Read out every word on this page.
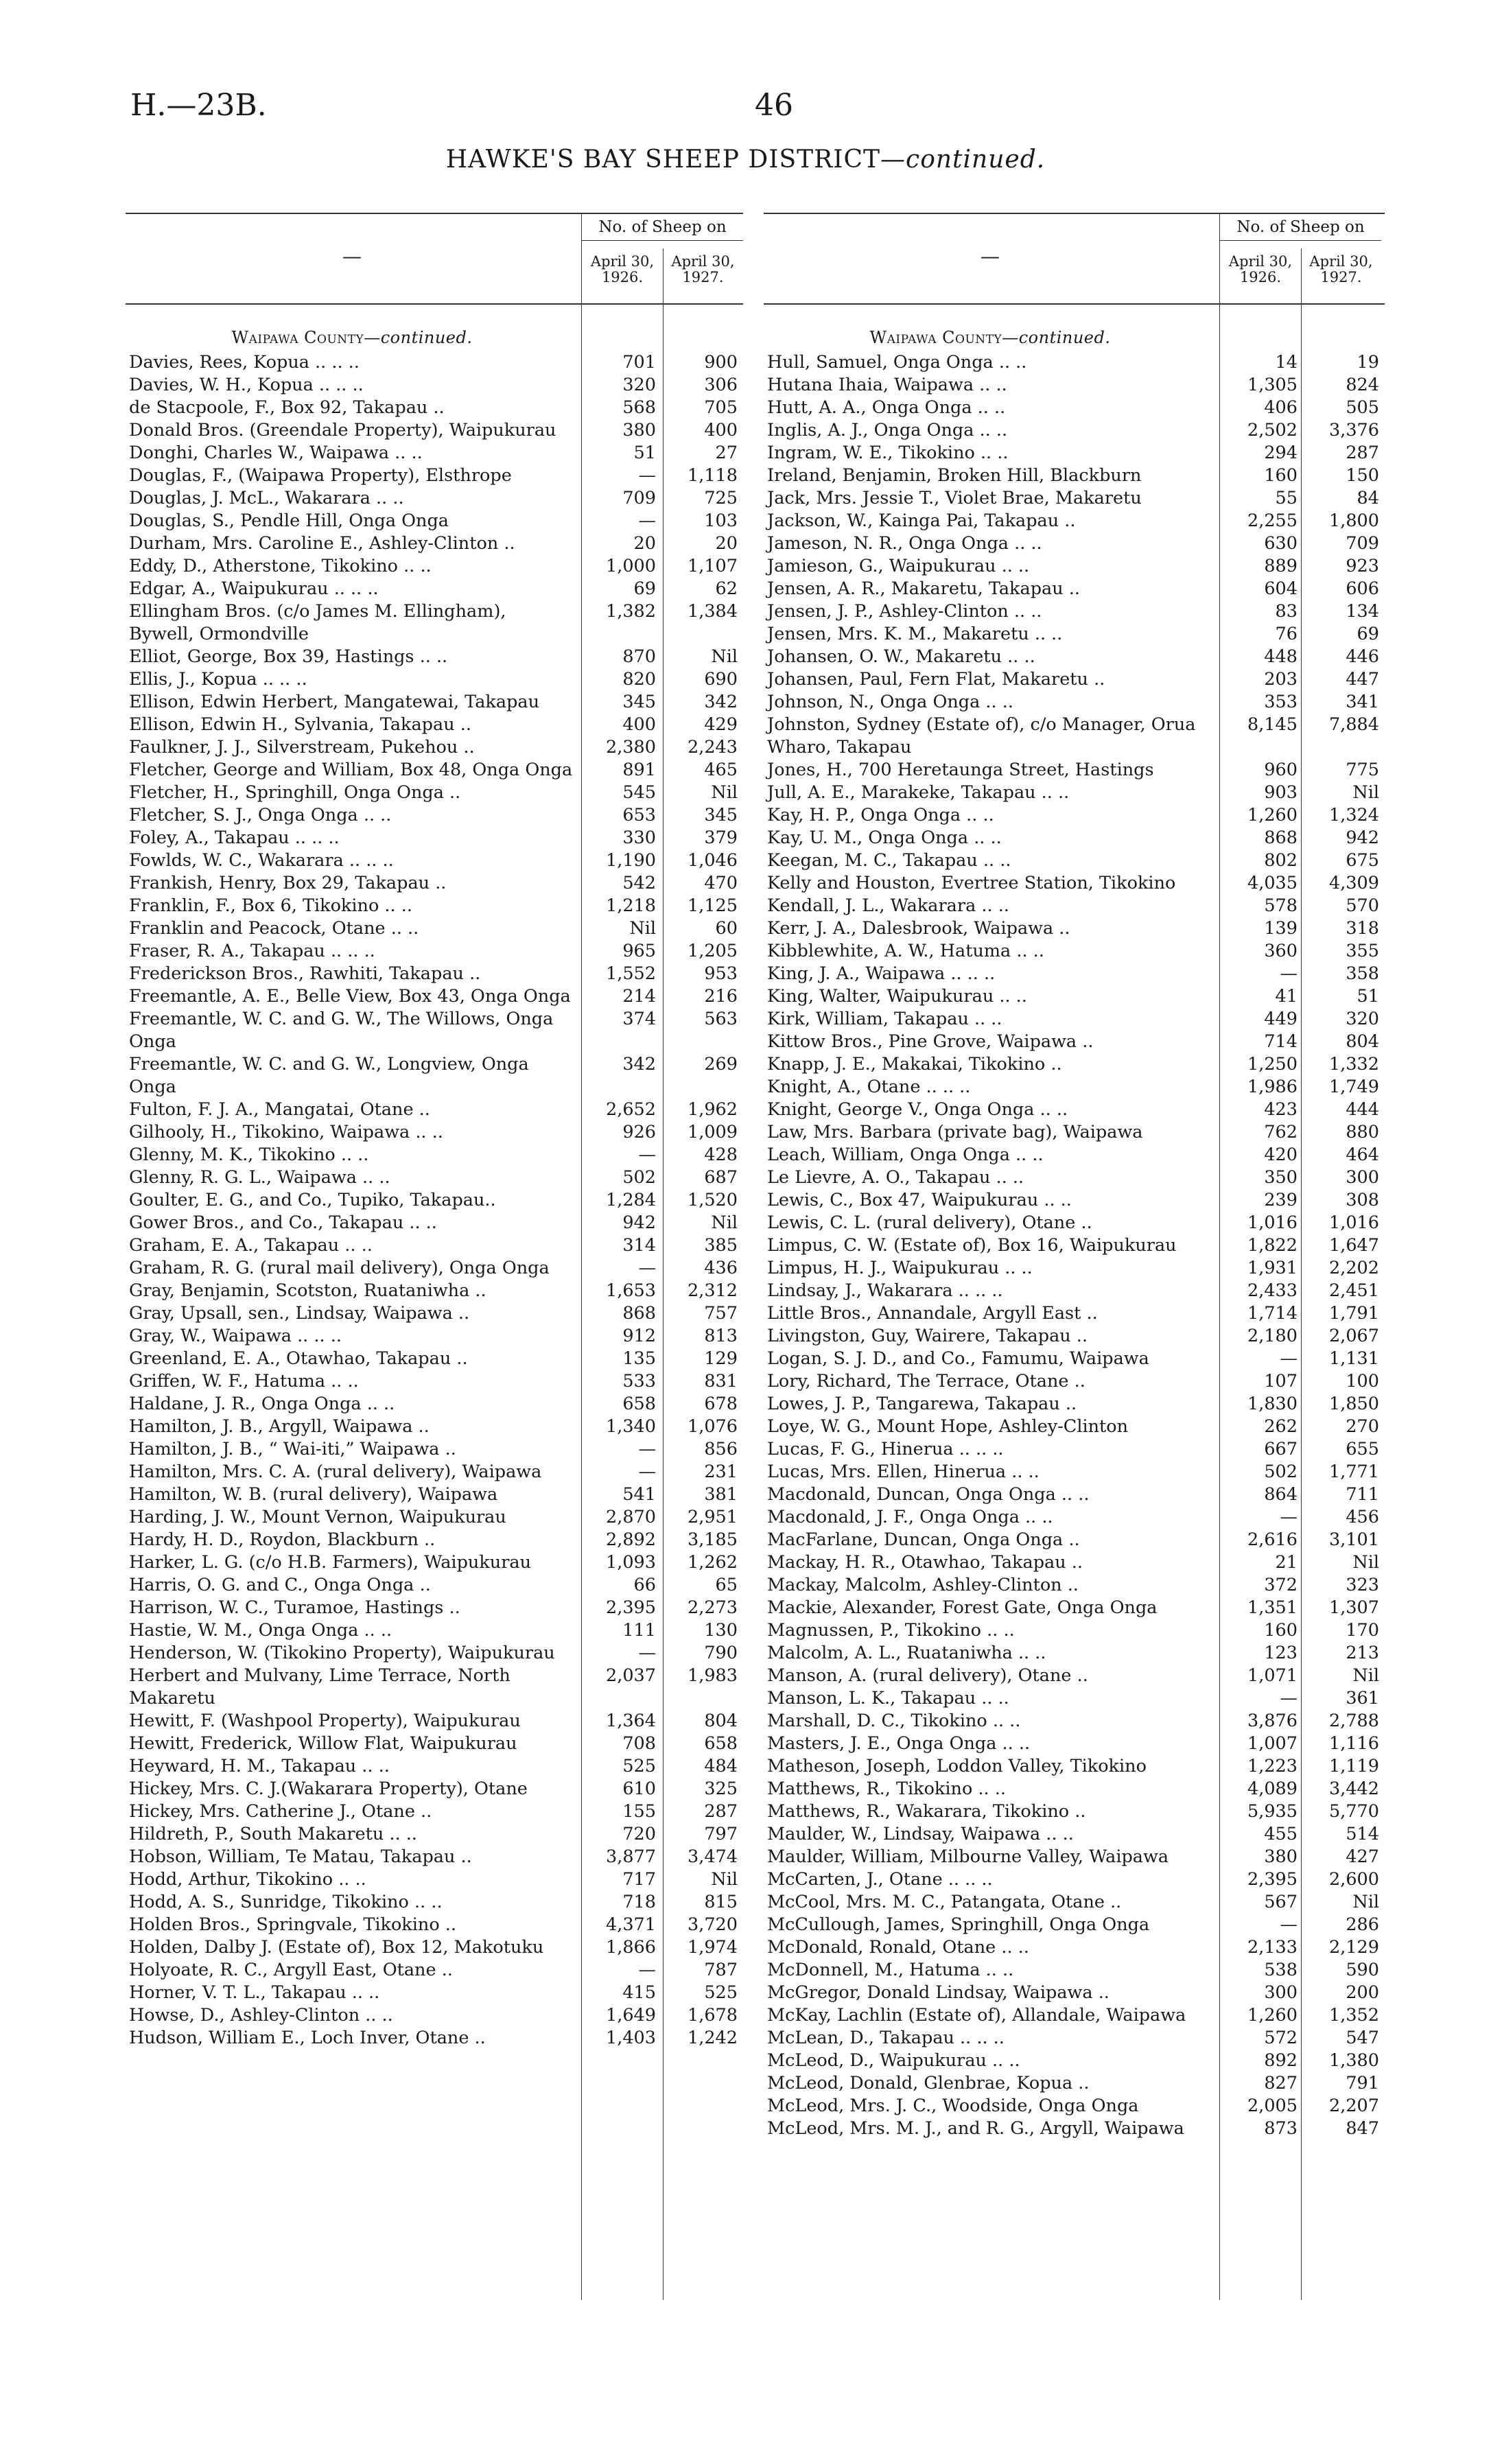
H.—23B.	46
HAWKE'S BAY SHEEP DISTRICT—continued.
—
No. of Sheep on
April 30,
1926.
April 30,
1927.
Waipawa County—continued.
Davies, Rees, Kopua .. .. ..	701	900
Davies, W. H., Kopua .. .. ..	320	306
de Stacpoole, F., Box 92, Takapau ..	568	705
Donald Bros. (Greendale Property), Waipukurau	380	400
Donghi, Charles W., Waipawa .. ..	51	27
Douglas, F., (Waipawa Property), Elsthrope	—	1,118
Douglas, J. McL., Wakarara .. ..	709	725
Douglas, S., Pendle Hill, Onga Onga	—	103
Durham, Mrs. Caroline E., Ashley-Clinton ..	20	20
Eddy, D., Atherstone, Tikokino .. ..	1,000	1,107
Edgar, A., Waipukurau .. .. ..	69	62
Ellingham Bros. (c/o James M. Ellingham), Bywell, Ormondville
1,382	1,384
Elliot, George, Box 39, Hastings .. ..	870	Nil
Ellis, J., Kopua .. .. ..	820	690
Ellison, Edwin Herbert, Mangatewai, Takapau	345	342
Ellison, Edwin H., Sylvania, Takapau ..	400	429
Faulkner, J. J., Silverstream, Pukehou ..	2,380	2,243
Fletcher, George and William, Box 48, Onga Onga	891	465
Fletcher, H., Springhill, Onga Onga ..	545	Nil
Fletcher, S. J., Onga Onga .. ..	653	345
Foley, A., Takapau .. .. ..	330	379
Fowlds, W. C., Wakarara .. .. ..	1,190	1,046
Frankish, Henry, Box 29, Takapau ..	542	470
Franklin, F., Box 6, Tikokino .. ..	1,218	1,125
Franklin and Peacock, Otane .. ..	Nil	60
Fraser, R. A., Takapau .. .. ..	965	1,205
Frederickson Bros., Rawhiti, Takapau ..	1,552	953
Freemantle, A. E., Belle View, Box 43, Onga Onga	214	216
Freemantle, W. C. and G. W., The Willows, Onga Onga
374	563
Freemantle, W. C. and G. W., Longview, Onga Onga
342	269
Fulton, F. J. A., Mangatai, Otane ..	2,652	1,962
Gilhooly, H., Tikokino, Waipawa .. ..	926	1,009
Glenny, M. K., Tikokino .. ..	—	428
Glenny, R. G. L., Waipawa .. ..	502	687
Goulter, E. G., and Co., Tupiko, Takapau..	1,284	1,520
Gower Bros., and Co., Takapau .. ..	942	Nil
Graham, E. A., Takapau .. ..	314	385
Graham, R. G. (rural mail delivery), Onga Onga	—	436
Gray, Benjamin, Scotston, Ruataniwha ..	1,653	2,312
Gray, Upsall, sen., Lindsay, Waipawa ..	868	757
Gray, W., Waipawa .. .. ..	912	813
Greenland, E. A., Otawhao, Takapau ..	135	129
Griffen, W. F., Hatuma .. ..	533	831
Haldane, J. R., Onga Onga .. ..	658	678
Hamilton, J. B., Argyll, Waipawa ..	1,340	1,076
Hamilton, J. B., “ Wai-iti,” Waipawa ..	—	856
Hamilton, Mrs. C. A. (rural delivery), Waipawa	—	231
Hamilton, W. B. (rural delivery), Waipawa	541	381
Harding, J. W., Mount Vernon, Waipukurau	2,870	2,951
Hardy, H. D., Roydon, Blackburn ..	2,892	3,185
Harker, L. G. (c/o H.B. Farmers), Waipukurau	1,093	1,262
Harris, O. G. and C., Onga Onga ..	66	65
Harrison, W. C., Turamoe, Hastings ..	2,395	2,273
Hastie, W. M., Onga Onga .. ..	111	130
Henderson, W. (Tikokino Property), Waipukurau	—	790
Herbert and Mulvany, Lime Terrace, North Makaretu
2,037	1,983
Hewitt, F. (Washpool Property), Waipukurau	1,364	804
Hewitt, Frederick, Willow Flat, Waipukurau	708	658
Heyward, H. M., Takapau .. ..	525	484
Hickey, Mrs. C. J.(Wakarara Property), Otane	610	325
Hickey, Mrs. Catherine J., Otane ..	155	287
Hildreth, P., South Makaretu .. ..	720	797
Hobson, William, Te Matau, Takapau ..	3,877	3,474
Hodd, Arthur, Tikokino .. ..	717	Nil
Hodd, A. S., Sunridge, Tikokino .. ..	718	815
Holden Bros., Springvale, Tikokino ..	4,371	3,720
Holden, Dalby J. (Estate of), Box 12, Makotuku	1,866	1,974
Holyoate, R. C., Argyll East, Otane ..	—	787
Horner, V. T. L., Takapau .. ..	415	525
Howse, D., Ashley-Clinton .. ..	1,649	1,678
Hudson, William E., Loch Inver, Otane ..	1,403	1,242
—
No. of Sheep on
April 30,
1926.
April 30,
1927.
Waipawa County—continued.
Hull, Samuel, Onga Onga .. ..	14	19
Hutana Ihaia, Waipawa .. ..	1,305	824
Hutt, A. A., Onga Onga .. ..	406	505
Inglis, A. J., Onga Onga .. ..	2,502	3,376
Ingram, W. E., Tikokino .. ..	294	287
Ireland, Benjamin, Broken Hill, Blackburn	160	150
Jack, Mrs. Jessie T., Violet Brae, Makaretu	55	84
Jackson, W., Kainga Pai, Takapau ..	2,255	1,800
Jameson, N. R., Onga Onga .. ..	630	709
Jamieson, G., Waipukurau .. ..	889	923
Jensen, A. R., Makaretu, Takapau ..	604	606
Jensen, J. P., Ashley-Clinton .. ..	83	134
Jensen, Mrs. K. M., Makaretu .. ..	76	69
Johansen, O. W., Makaretu .. ..	448	446
Johansen, Paul, Fern Flat, Makaretu ..	203	447
Johnson, N., Onga Onga .. ..	353	341
Johnston, Sydney (Estate of), c/o Manager, Orua Wharo, Takapau
8,145	7,884
Jones, H., 700 Heretaunga Street, Hastings	960	775
Jull, A. E., Marakeke, Takapau .. ..	903	Nil
Kay, H. P., Onga Onga .. ..	1,260	1,324
Kay, U. M., Onga Onga .. ..	868	942
Keegan, M. C., Takapau .. ..	802	675
Kelly and Houston, Evertree Station, Tikokino	4,035	4,309
Kendall, J. L., Wakarara .. ..	578	570
Kerr, J. A., Dalesbrook, Waipawa ..	139	318
Kibblewhite, A. W., Hatuma .. ..	360	355
King, J. A., Waipawa .. .. ..	—	358
King, Walter, Waipukurau .. ..	41	51
Kirk, William, Takapau .. ..	449	320
Kittow Bros., Pine Grove, Waipawa ..	714	804
Knapp, J. E., Makakai, Tikokino ..	1,250	1,332
Knight, A., Otane .. .. ..	1,986	1,749
Knight, George V., Onga Onga .. ..	423	444
Law, Mrs. Barbara (private bag), Waipawa	762	880
Leach, William, Onga Onga .. ..	420	464
Le Lievre, A. O., Takapau .. ..	350	300
Lewis, C., Box 47, Waipukurau .. ..	239	308
Lewis, C. L. (rural delivery), Otane ..	1,016	1,016
Limpus, C. W. (Estate of), Box 16, Waipukurau	1,822	1,647
Limpus, H. J., Waipukurau .. ..	1,931	2,202
Lindsay, J., Wakarara .. .. ..	2,433	2,451
Little Bros., Annandale, Argyll East ..	1,714	1,791
Livingston, Guy, Wairere, Takapau ..	2,180	2,067
Logan, S. J. D., and Co., Famumu, Waipawa	—	1,131
Lory, Richard, The Terrace, Otane ..	107	100
Lowes, J. P., Tangarewa, Takapau ..	1,830	1,850
Loye, W. G., Mount Hope, Ashley-Clinton	262	270
Lucas, F. G., Hinerua .. .. ..	667	655
Lucas, Mrs. Ellen, Hinerua .. ..	502	1,771
Macdonald, Duncan, Onga Onga .. ..	864	711
Macdonald, J. F., Onga Onga .. ..	—	456
MacFarlane, Duncan, Onga Onga ..	2,616	3,101
Mackay, H. R., Otawhao, Takapau ..	21	Nil
Mackay, Malcolm, Ashley-Clinton ..	372	323
Mackie, Alexander, Forest Gate, Onga Onga	1,351	1,307
Magnussen, P., Tikokino .. ..	160	170
Malcolm, A. L., Ruataniwha .. ..	123	213
Manson, A. (rural delivery), Otane ..	1,071	Nil
Manson, L. K., Takapau .. ..	—	361
Marshall, D. C., Tikokino .. ..	3,876	2,788
Masters, J. E., Onga Onga .. ..	1,007	1,116
Matheson, Joseph, Loddon Valley, Tikokino	1,223	1,119
Matthews, R., Tikokino .. ..	4,089	3,442
Matthews, R., Wakarara, Tikokino ..	5,935	5,770
Maulder, W., Lindsay, Waipawa .. ..	455	514
Maulder, William, Milbourne Valley, Waipawa	380	427
McCarten, J., Otane .. .. ..	2,395	2,600
McCool, Mrs. M. C., Patangata, Otane ..	567	Nil
McCullough, James, Springhill, Onga Onga	—	286
McDonald, Ronald, Otane .. ..	2,133	2,129
McDonnell, M., Hatuma .. ..	538	590
McGregor, Donald Lindsay, Waipawa ..	300	200
McKay, Lachlin (Estate of), Allandale, Waipawa	1,260	1,352
McLean, D., Takapau .. .. ..	572	547
McLeod, D., Waipukurau .. ..	892	1,380
McLeod, Donald, Glenbrae, Kopua ..	827	791
McLeod, Mrs. J. C., Woodside, Onga Onga	2,005	2,207
McLeod, Mrs. M. J., and R. G., Argyll, Waipawa	873	847
